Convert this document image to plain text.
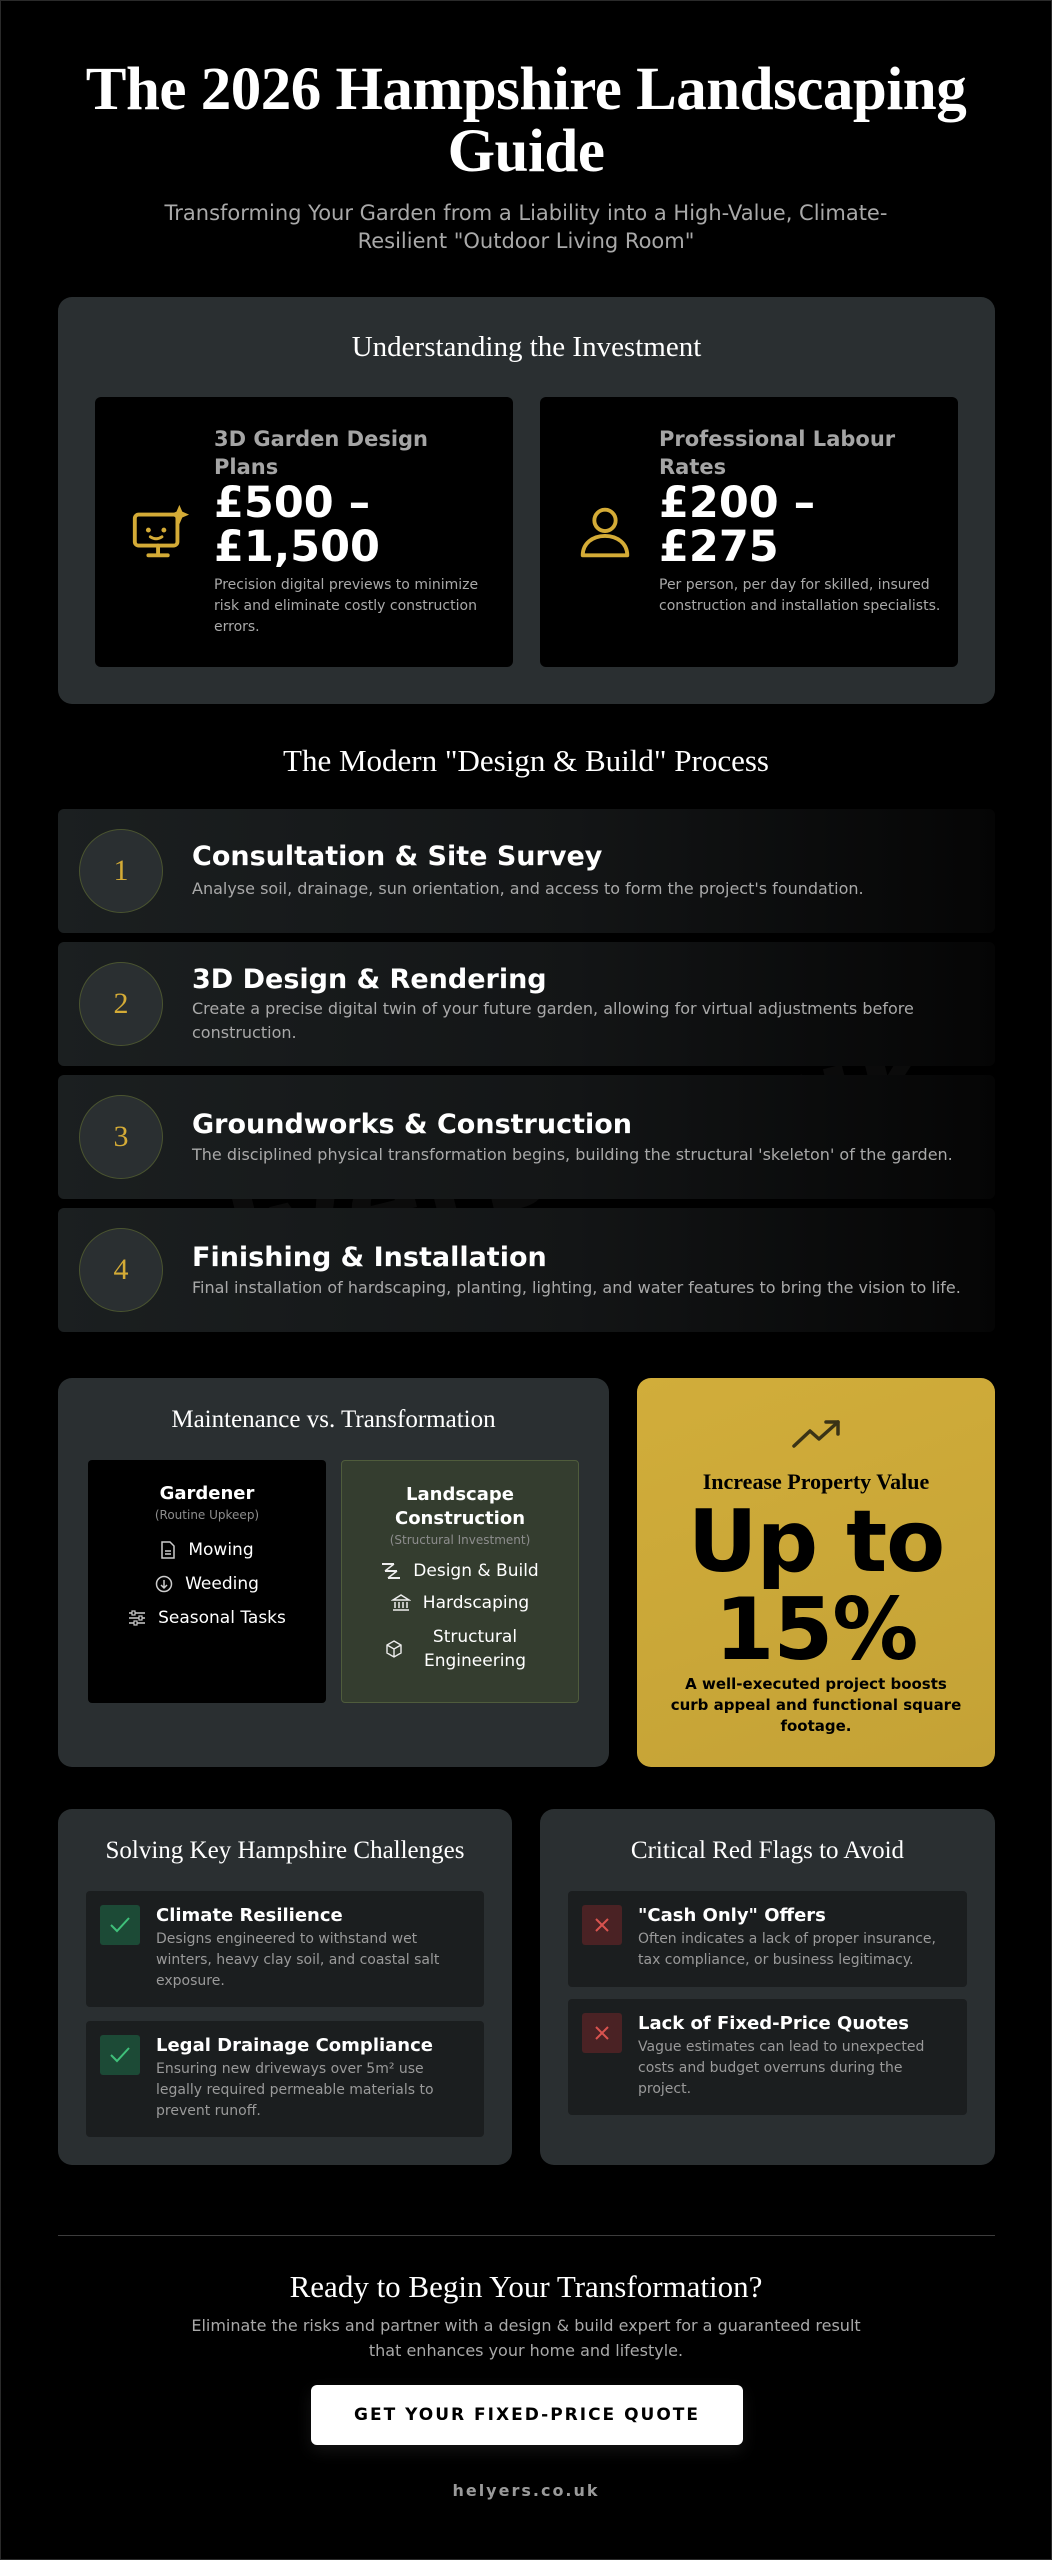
The 2026 Hampshire Landscaping Guide

Transforming Your Garden from a Liability into a High-Value, Climate-Resilient "Outdoor Living Room"

Understanding the Investment
3D Garden Design Plans
£500 – £1,500
Precision digital previews to minimize risk and eliminate costly construction errors.
Professional Labour Rates
£200 – £275
Per person, per day for skilled, insured construction and installation specialists.
The Modern "Design & Build" Process
1	Consultation & Site Survey
Analyse soil, drainage, sun orientation, and access to form the project's foundation.
2
3D Design & Rendering
Create a precise digital twin of your future garden, allowing for virtual adjustments before construction.
3	Groundworks & Construction
The disciplined physical transformation begins, building the structural 'skeleton' of the garden.
4	Finishing & Installation
Final installation of hardscaping, planting, lighting, and water features to bring the vision to life.
Maintenance vs. Transformation
Gardener
(Routine Upkeep)
Mowing
Weeding
Seasonal Tasks
Landscape Construction
(Structural Investment)
Design & Build
Hardscaping
Structural Engineering
Increase Property Value
Up to 15%
A well-executed project boosts curb appeal and functional square footage.
Solving Key Hampshire Challenges
Climate Resilience
Designs engineered to withstand wet winters, heavy clay soil, and coastal salt exposure.
Legal Drainage Compliance
Ensuring new driveways over 5m² use legally required permeable materials to prevent runoff.
Critical Red Flags to Avoid
"Cash Only" Offers
Often indicates a lack of proper insurance, tax compliance, or business legitimacy.
Lack of Fixed-Price Quotes
Vague estimates can lead to unexpected costs and budget overruns during the project.
Ready to Begin Your Transformation?
Eliminate the risks and partner with a design & build expert for a guaranteed result that enhances your home and lifestyle.
GET YOUR FIXED-PRICE QUOTE
helyers.co.uk
